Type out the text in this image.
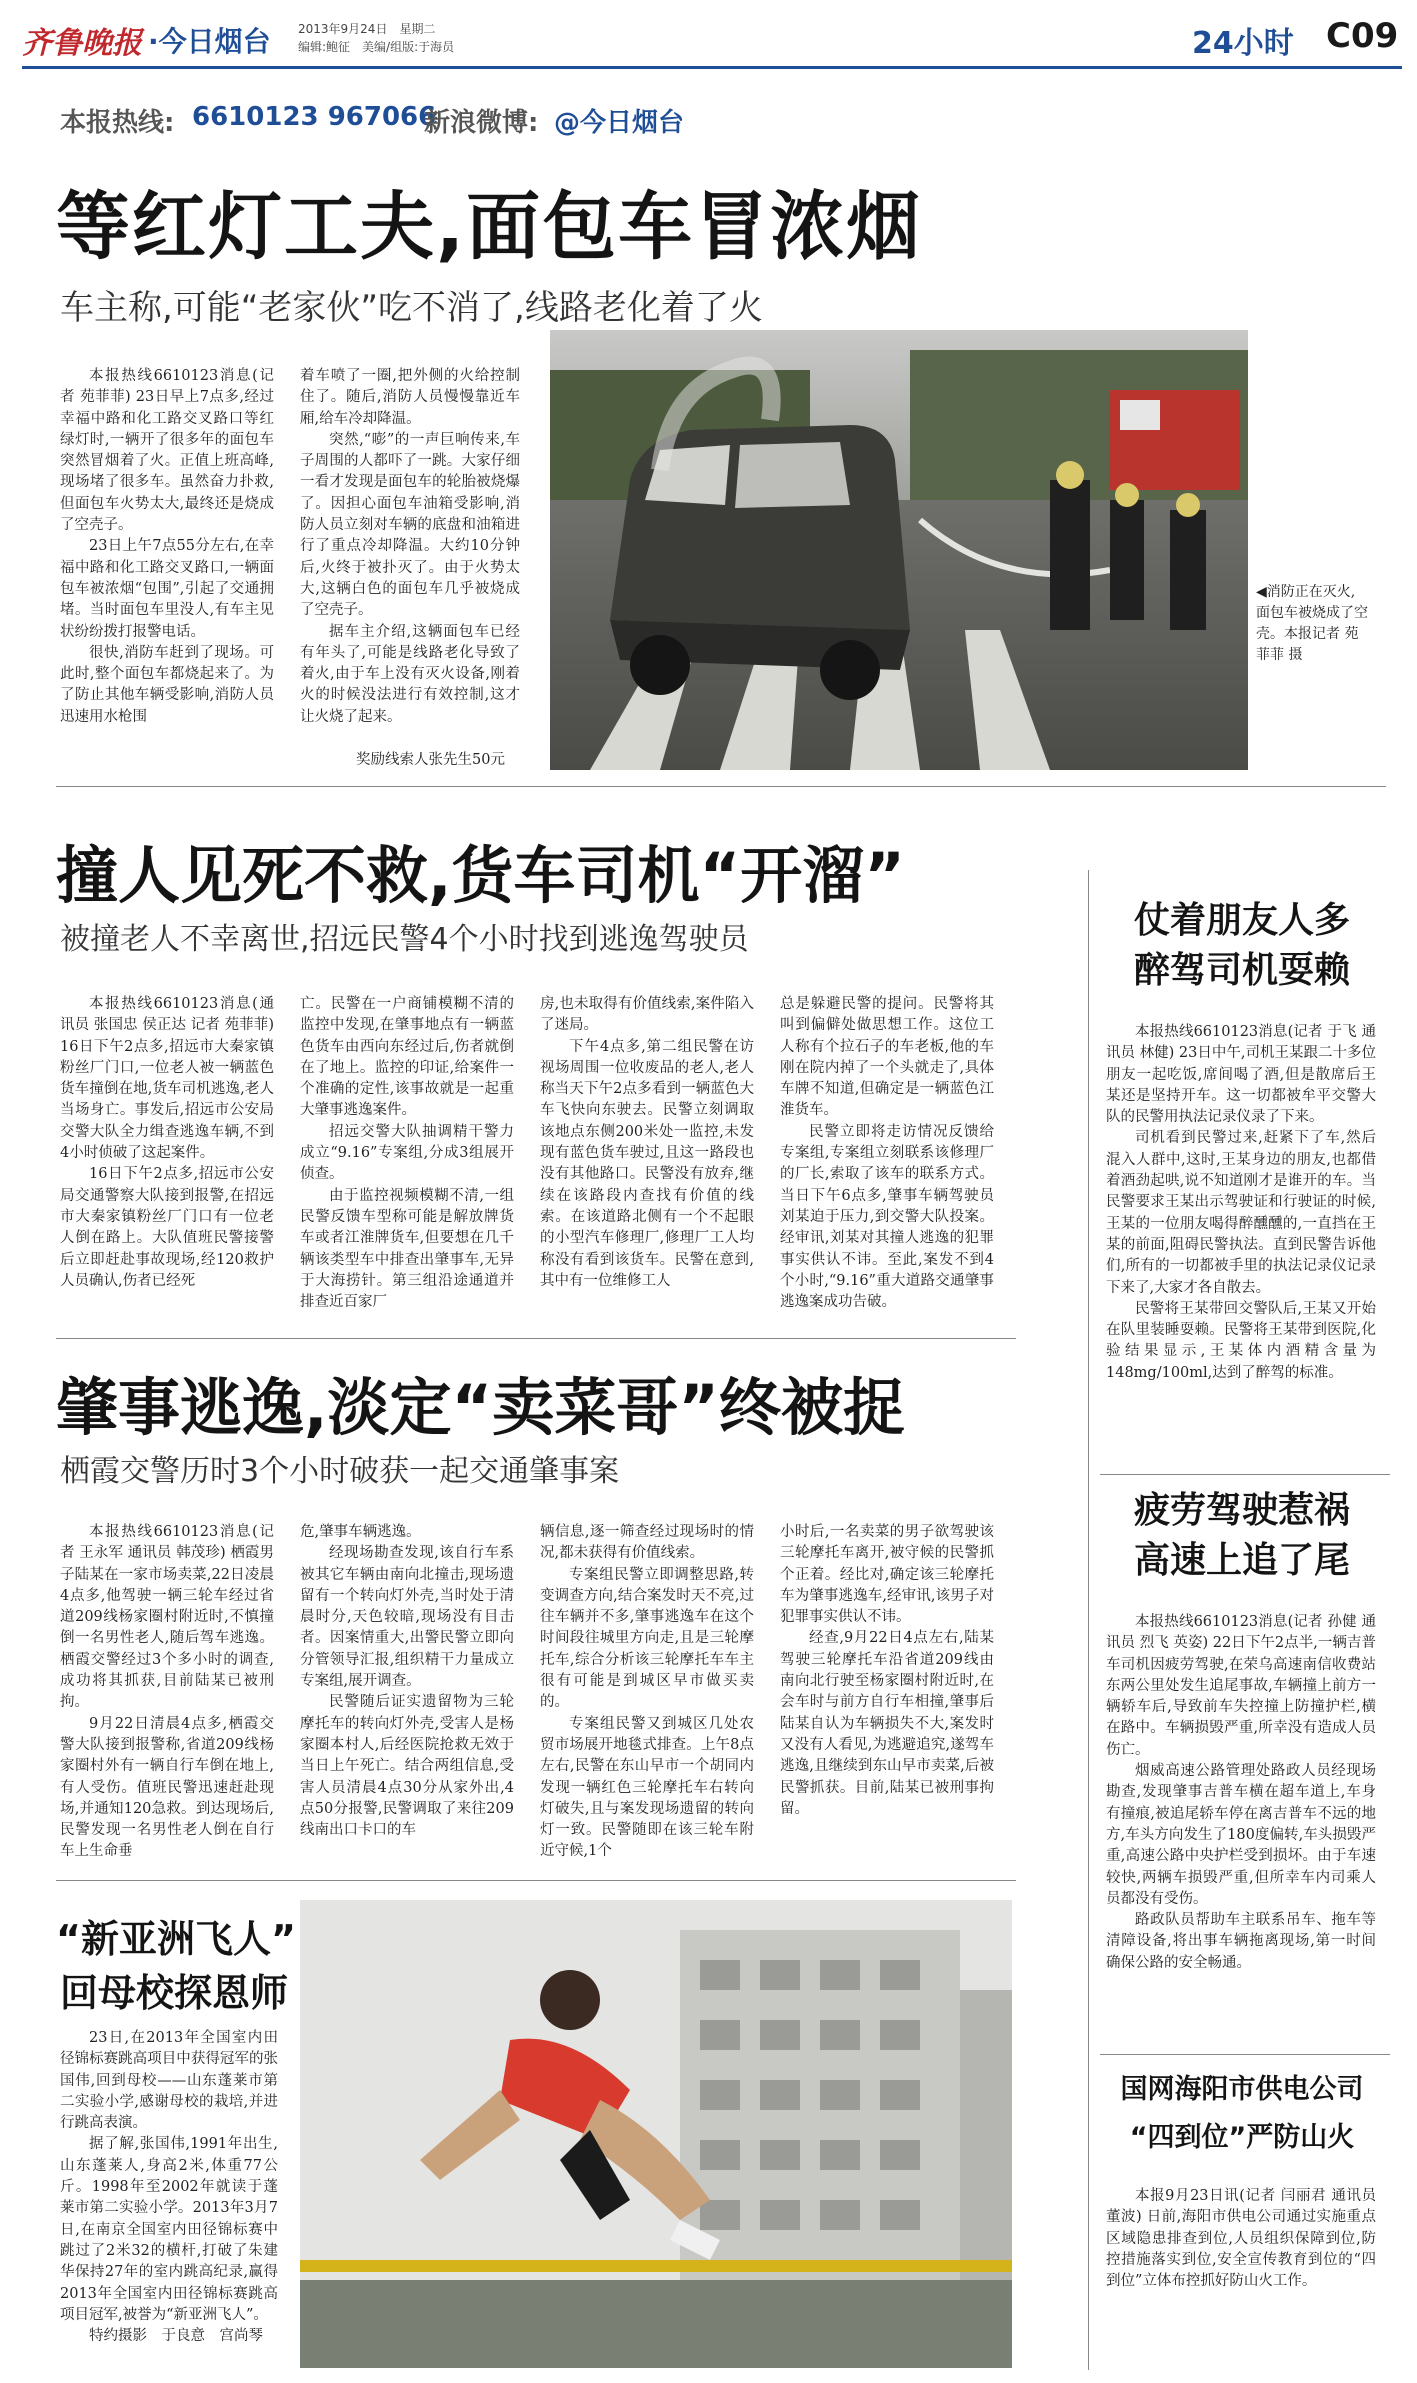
齐鲁晚报 ·今日烟台 2013年9月24日　星期二
编辑:鲍征　美编/组版:于海员	24小时 C09
本报热线: 6610123 967066
新浪微博: @今日烟台
等红灯工夫,面包车冒浓烟
车主称,可能“老家伙”吃不消了,线路老化着了火

本报热线6610123消息(记者 苑菲菲) 23日早上7点多,经过幸福中路和化工路交叉路口等红绿灯时,一辆开了很多年的面包车突然冒烟着了火。正值上班高峰,现场堵了很多车。虽然奋力扑救,但面包车火势太大,最终还是烧成了空壳子。

23日上午7点55分左右,在幸福中路和化工路交叉路口,一辆面包车被浓烟“包围”,引起了交通拥堵。当时面包车里没人,有车主见状纷纷拨打报警电话。

很快,消防车赶到了现场。可此时,整个面包车都烧起来了。为了防止其他车辆受影响,消防人员迅速用水枪围

着车喷了一圈,把外侧的火给控制住了。随后,消防人员慢慢靠近车厢,给车冷却降温。

突然,“嘭”的一声巨响传来,车子周围的人都吓了一跳。大家仔细一看才发现是面包车的轮胎被烧爆了。因担心面包车油箱受影响,消防人员立刻对车辆的底盘和油箱进行了重点冷却降温。大约10分钟后,火终于被扑灭了。由于火势太大,这辆白色的面包车几乎被烧成了空壳子。

据车主介绍,这辆面包车已经有年头了,可能是线路老化导致了着火,由于车上没有灭火设备,刚着火的时候没法进行有效控制,这才让火烧了起来。

奖励线索人张先生50元
◀消防正在灭火,面包车被烧成了空壳。本报记者 苑菲菲 摄
撞人见死不救,货车司机“开溜”
被撞老人不幸离世,招远民警4个小时找到逃逸驾驶员

本报热线6610123消息(通讯员 张国忠 侯正达 记者 苑菲菲) 16日下午2点多,招远市大秦家镇粉丝厂门口,一位老人被一辆蓝色货车撞倒在地,货车司机逃逸,老人当场身亡。事发后,招远市公安局交警大队全力缉查逃逸车辆,不到4小时侦破了这起案件。

16日下午2点多,招远市公安局交通警察大队接到报警,在招远市大秦家镇粉丝厂门口有一位老人倒在路上。大队值班民警接警后立即赶赴事故现场,经120救护人员确认,伤者已经死

亡。民警在一户商铺模糊不清的监控中发现,在肇事地点有一辆蓝色货车由西向东经过后,伤者就倒在了地上。监控的印证,给案件一个准确的定性,该事故就是一起重大肇事逃逸案件。

招远交警大队抽调精干警力成立“9.16”专案组,分成3组展开侦查。

由于监控视频模糊不清,一组民警反馈车型称可能是解放牌货车或者江淮牌货车,但要想在几千辆该类型车中排查出肇事车,无异于大海捞针。第三组沿途通道并排查近百家厂

房,也未取得有价值线索,案件陷入了迷局。

下午4点多,第二组民警在访视场周围一位收废品的老人,老人称当天下午2点多看到一辆蓝色大车飞快向东驶去。民警立刻调取该地点东侧200米处一监控,未发现有蓝色货车驶过,且这一路段也没有其他路口。民警没有放弃,继续在该路段内查找有价值的线索。在该道路北侧有一个不起眼的小型汽车修理厂,修理厂工人均称没有看到该货车。民警在意到,其中有一位维修工人

总是躲避民警的提问。民警将其叫到偏僻处做思想工作。这位工人称有个拉石子的车老板,他的车刚在院内掉了一个头就走了,具体车牌不知道,但确定是一辆蓝色江淮货车。

民警立即将走访情况反馈给专案组,专案组立刻联系该修理厂的厂长,索取了该车的联系方式。当日下午6点多,肇事车辆驾驶员刘某迫于压力,到交警大队投案。经审讯,刘某对其撞人逃逸的犯罪事实供认不讳。至此,案发不到4个小时,“9.16”重大道路交通肇事逃逸案成功告破。

肇事逃逸,淡定“卖菜哥”终被捉
栖霞交警历时3个小时破获一起交通肇事案

本报热线6610123消息(记者 王永军 通讯员 韩茂珍) 栖霞男子陆某在一家市场卖菜,22日凌晨4点多,他驾驶一辆三轮车经过省道209线杨家圈村附近时,不慎撞倒一名男性老人,随后驾车逃逸。栖霞交警经过3个多小时的调查,成功将其抓获,目前陆某已被刑拘。

9月22日清晨4点多,栖霞交警大队接到报警称,省道209线杨家圈村外有一辆自行车倒在地上,有人受伤。值班民警迅速赶赴现场,并通知120急救。到达现场后,民警发现一名男性老人倒在自行车上生命垂

危,肇事车辆逃逸。

经现场勘查发现,该自行车系被其它车辆由南向北撞击,现场遗留有一个转向灯外壳,当时处于清晨时分,天色较暗,现场没有目击者。因案情重大,出警民警立即向分管领导汇报,组织精干力量成立专案组,展开调查。

民警随后证实遗留物为三轮摩托车的转向灯外壳,受害人是杨家圈本村人,后经医院抢救无效于当日上午死亡。结合两组信息,受害人员清晨4点30分从家外出,4点50分报警,民警调取了来往209线南出口卡口的车

辆信息,逐一筛查经过现场时的情况,都未获得有价值线索。

专案组民警立即调整思路,转变调查方向,结合案发时天不亮,过往车辆并不多,肇事逃逸车在这个时间段往城里方向走,且是三轮摩托车,综合分析该三轮摩托车车主很有可能是到城区早市做买卖的。

专案组民警又到城区几处农贸市场展开地毯式排查。上午8点左右,民警在东山早市一个胡同内发现一辆红色三轮摩托车右转向灯破失,且与案发现场遗留的转向灯一致。民警随即在该三轮车附近守候,1个

小时后,一名卖菜的男子欲驾驶该三轮摩托车离开,被守候的民警抓个正着。经比对,确定该三轮摩托车为肇事逃逸车,经审讯,该男子对犯罪事实供认不讳。

经查,9月22日4点左右,陆某驾驶三轮摩托车沿省道209线由南向北行驶至杨家圈村附近时,在会车时与前方自行车相撞,肇事后陆某自认为车辆损失不大,案发时又没有人看见,为逃避追究,遂驾车逃逸,且继续到东山早市卖菜,后被民警抓获。目前,陆某已被刑事拘留。

“新亚洲飞人”
回母校探恩师

23日,在2013年全国室内田径锦标赛跳高项目中获得冠军的张国伟,回到母校——山东蓬莱市第二实验小学,感谢母校的栽培,并进行跳高表演。

据了解,张国伟,1991年出生,山东蓬莱人,身高2米,体重77公斤。1998年至2002年就读于蓬莱市第二实验小学。2013年3月7日,在南京全国室内田径锦标赛中跳过了2米32的横杆,打破了朱建华保持27年的室内跳高纪录,赢得2013年全国室内田径锦标赛跳高项目冠军,被誉为“新亚洲飞人”。

特约摄影　于良意　宫尚琴

仗着朋友人多
醉驾司机耍赖

本报热线6610123消息(记者 于飞 通讯员 林健) 23日中午,司机王某跟二十多位朋友一起吃饭,席间喝了酒,但是散席后王某还是坚持开车。这一切都被牟平交警大队的民警用执法记录仪录了下来。

司机看到民警过来,赶紧下了车,然后混入人群中,这时,王某身边的朋友,也都借着酒劲起哄,说不知道刚才是谁开的车。当民警要求王某出示驾驶证和行驶证的时候,王某的一位朋友喝得醉醺醺的,一直挡在王某的前面,阻碍民警执法。直到民警告诉他们,所有的一切都被手里的执法记录仪记录下来了,大家才各自散去。

民警将王某带回交警队后,王某又开始在队里装睡耍赖。民警将王某带到医院,化验结果显示,王某体内酒精含量为148mg/100ml,达到了醉驾的标准。

疲劳驾驶惹祸
高速上追了尾

本报热线6610123消息(记者 孙健 通讯员 烈飞 英姿) 22日下午2点半,一辆吉普车司机因疲劳驾驶,在荣乌高速南信收费站东两公里处发生追尾事故,车辆撞上前方一辆轿车后,导致前车失控撞上防撞护栏,横在路中。车辆损毁严重,所幸没有造成人员伤亡。

烟威高速公路管理处路政人员经现场勘查,发现肇事吉普车横在超车道上,车身有撞痕,被追尾轿车停在离吉普车不远的地方,车头方向发生了180度偏转,车头损毁严重,高速公路中央护栏受到损坏。由于车速较快,两辆车损毁严重,但所幸车内司乘人员都没有受伤。

路政队员帮助车主联系吊车、拖车等清障设备,将出事车辆拖离现场,第一时间确保公路的安全畅通。

国网海阳市供电公司
“四到位”严防山火

本报9月23日讯(记者 闫丽君 通讯员 董波) 日前,海阳市供电公司通过实施重点区域隐患排查到位,人员组织保障到位,防控措施落实到位,安全宣传教育到位的“四到位”立体布控抓好防山火工作。
